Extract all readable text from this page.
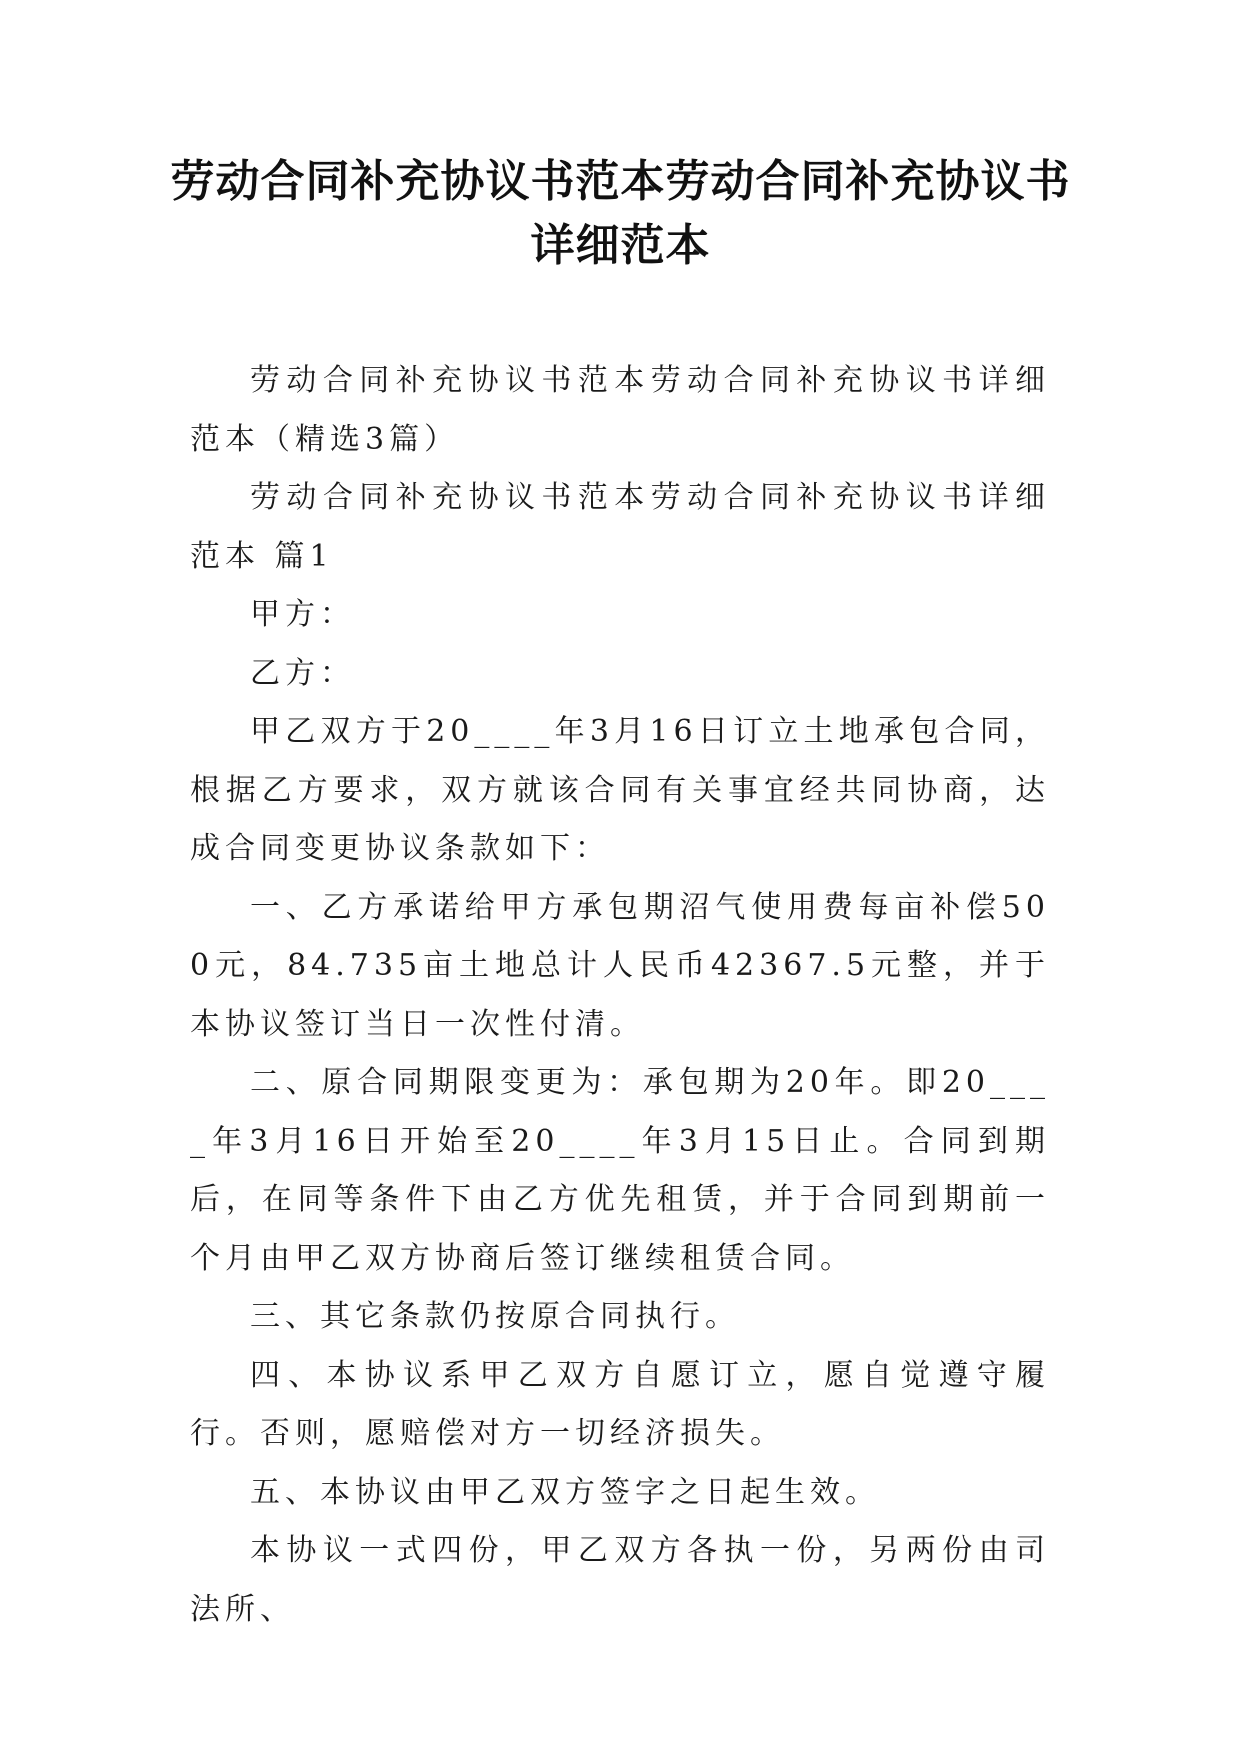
劳动合同补充协议书范本劳动合同补充协议书详细范本

劳动合同补充协议书范本劳动合同补充协议书详细范本（精选3篇）

劳动合同补充协议书范本劳动合同补充协议书详细范本 篇1

甲方：

乙方：

甲乙双方于20____年3月16日订立土地承包合同，根据乙方要求，双方就该合同有关事宜经共同协商，达成合同变更协议条款如下：

一、乙方承诺给甲方承包期沼气使用费每亩补偿500元，84.735亩土地总计人民币42367.5元整，并于本协议签订当日一次性付清。

二、原合同期限变更为：承包期为20年。即20____年3月16日开始至20____年3月15日止。合同到期后，在同等条件下由乙方优先租赁，并于合同到期前一个月由甲乙双方协商后签订继续租赁合同。

三、其它条款仍按原合同执行。

四、本协议系甲乙双方自愿订立，愿自觉遵守履行。否则，愿赔偿对方一切经济损失。

五、本协议由甲乙双方签字之日起生效。

本协议一式四份，甲乙双方各执一份，另两份由司法所、
